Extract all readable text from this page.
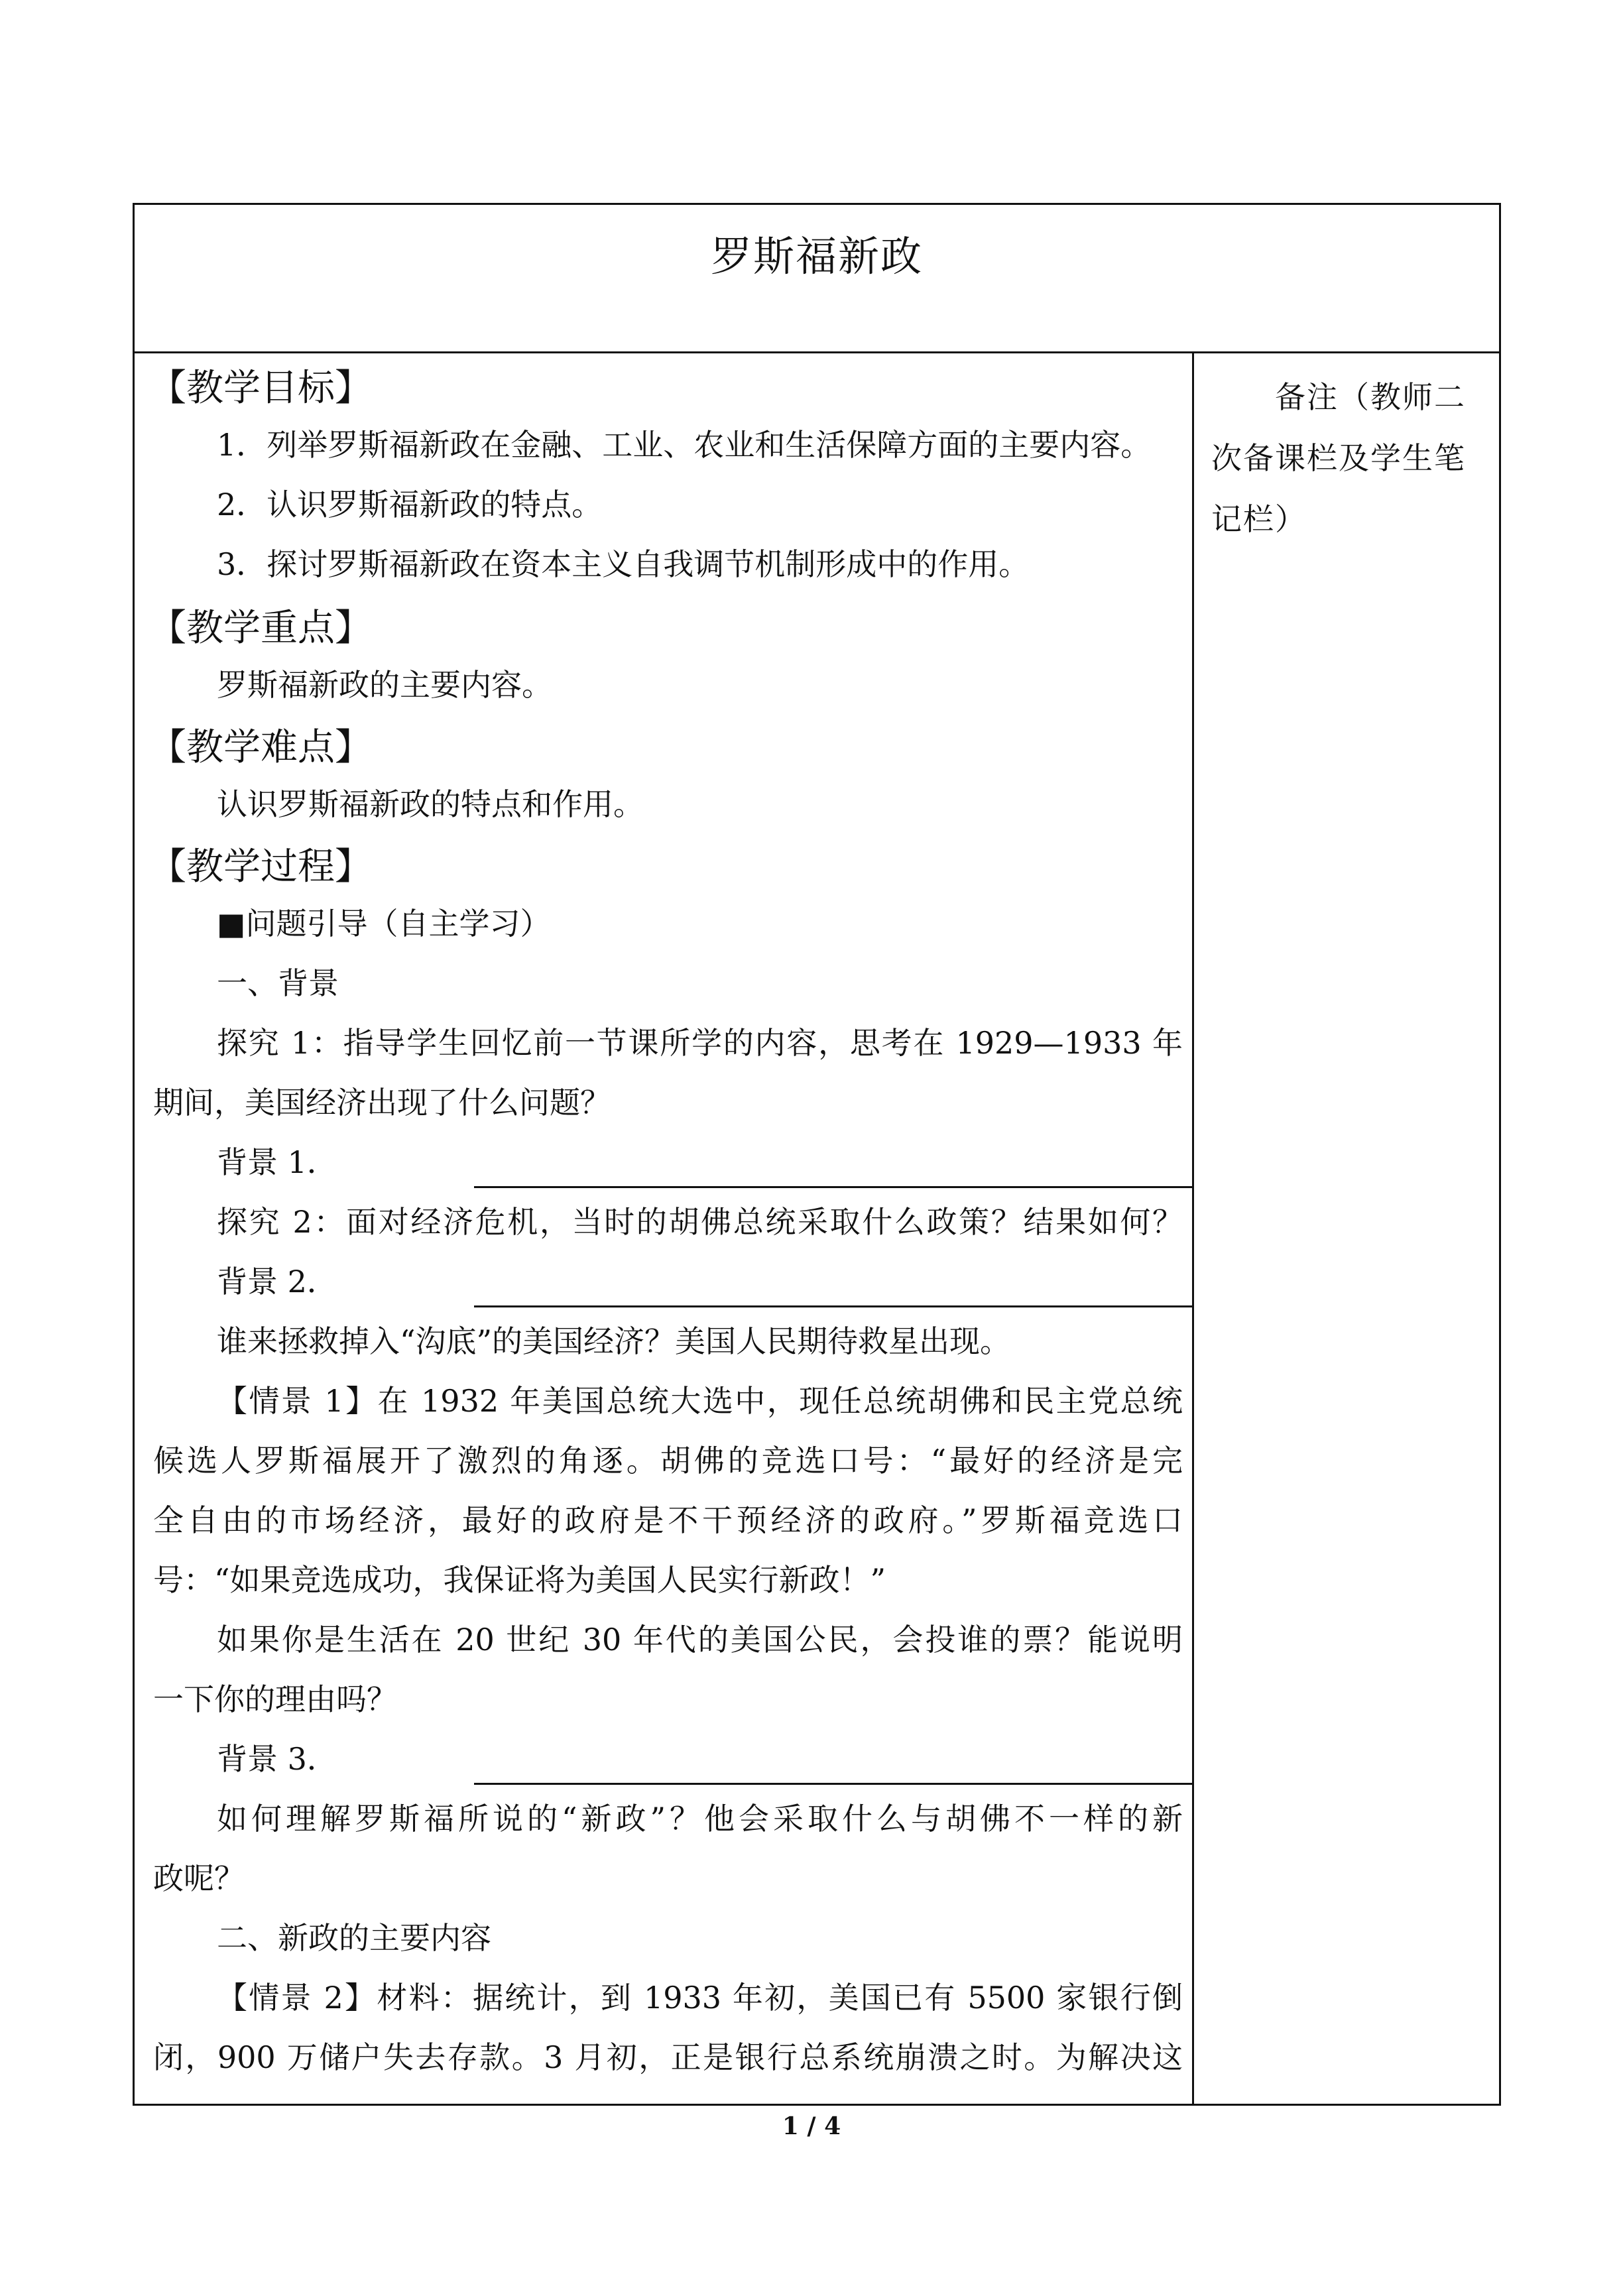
罗斯福新政
【教学目标】
1．列举罗斯福新政在金融、工业、农业和生活保障方面的主要内容。
2．认识罗斯福新政的特点。
3．探讨罗斯福新政在资本主义自我调节机制形成中的作用。
【教学重点】
罗斯福新政的主要内容。
【教学难点】
认识罗斯福新政的特点和作用。
【教学过程】
■问题引导（自主学习）
一、背景
探究 1：指导学生回忆前一节课所学的内容，思考在 1929—1933 年
期间，美国经济出现了什么问题？
背景 1．
探究 2：面对经济危机，当时的胡佛总统采取什么政策？结果如何？
背景 2．
谁来拯救掉入“沟底”的美国经济？美国人民期待救星出现。
【情景 1】在 1932 年美国总统大选中，现任总统胡佛和民主党总统
候选人罗斯福展开了激烈的角逐。胡佛的竞选口号：“最好的经济是完
全自由的市场经济，最好的政府是不干预经济的政府。”罗斯福竞选口
号：“如果竞选成功，我保证将为美国人民实行新政！”
如果你是生活在 20 世纪 30 年代的美国公民，会投谁的票？能说明
一下你的理由吗？
背景 3．
如何理解罗斯福所说的“新政”？他会采取什么与胡佛不一样的新
政呢？
二、新政的主要内容
【情景 2】材料：据统计，到 1933 年初，美国已有 5500 家银行倒
闭，900 万储户失去存款。3 月初，正是银行总系统崩溃之时。为解决这
备注（教师二次备课栏及学生笔记栏）
1 / 4
